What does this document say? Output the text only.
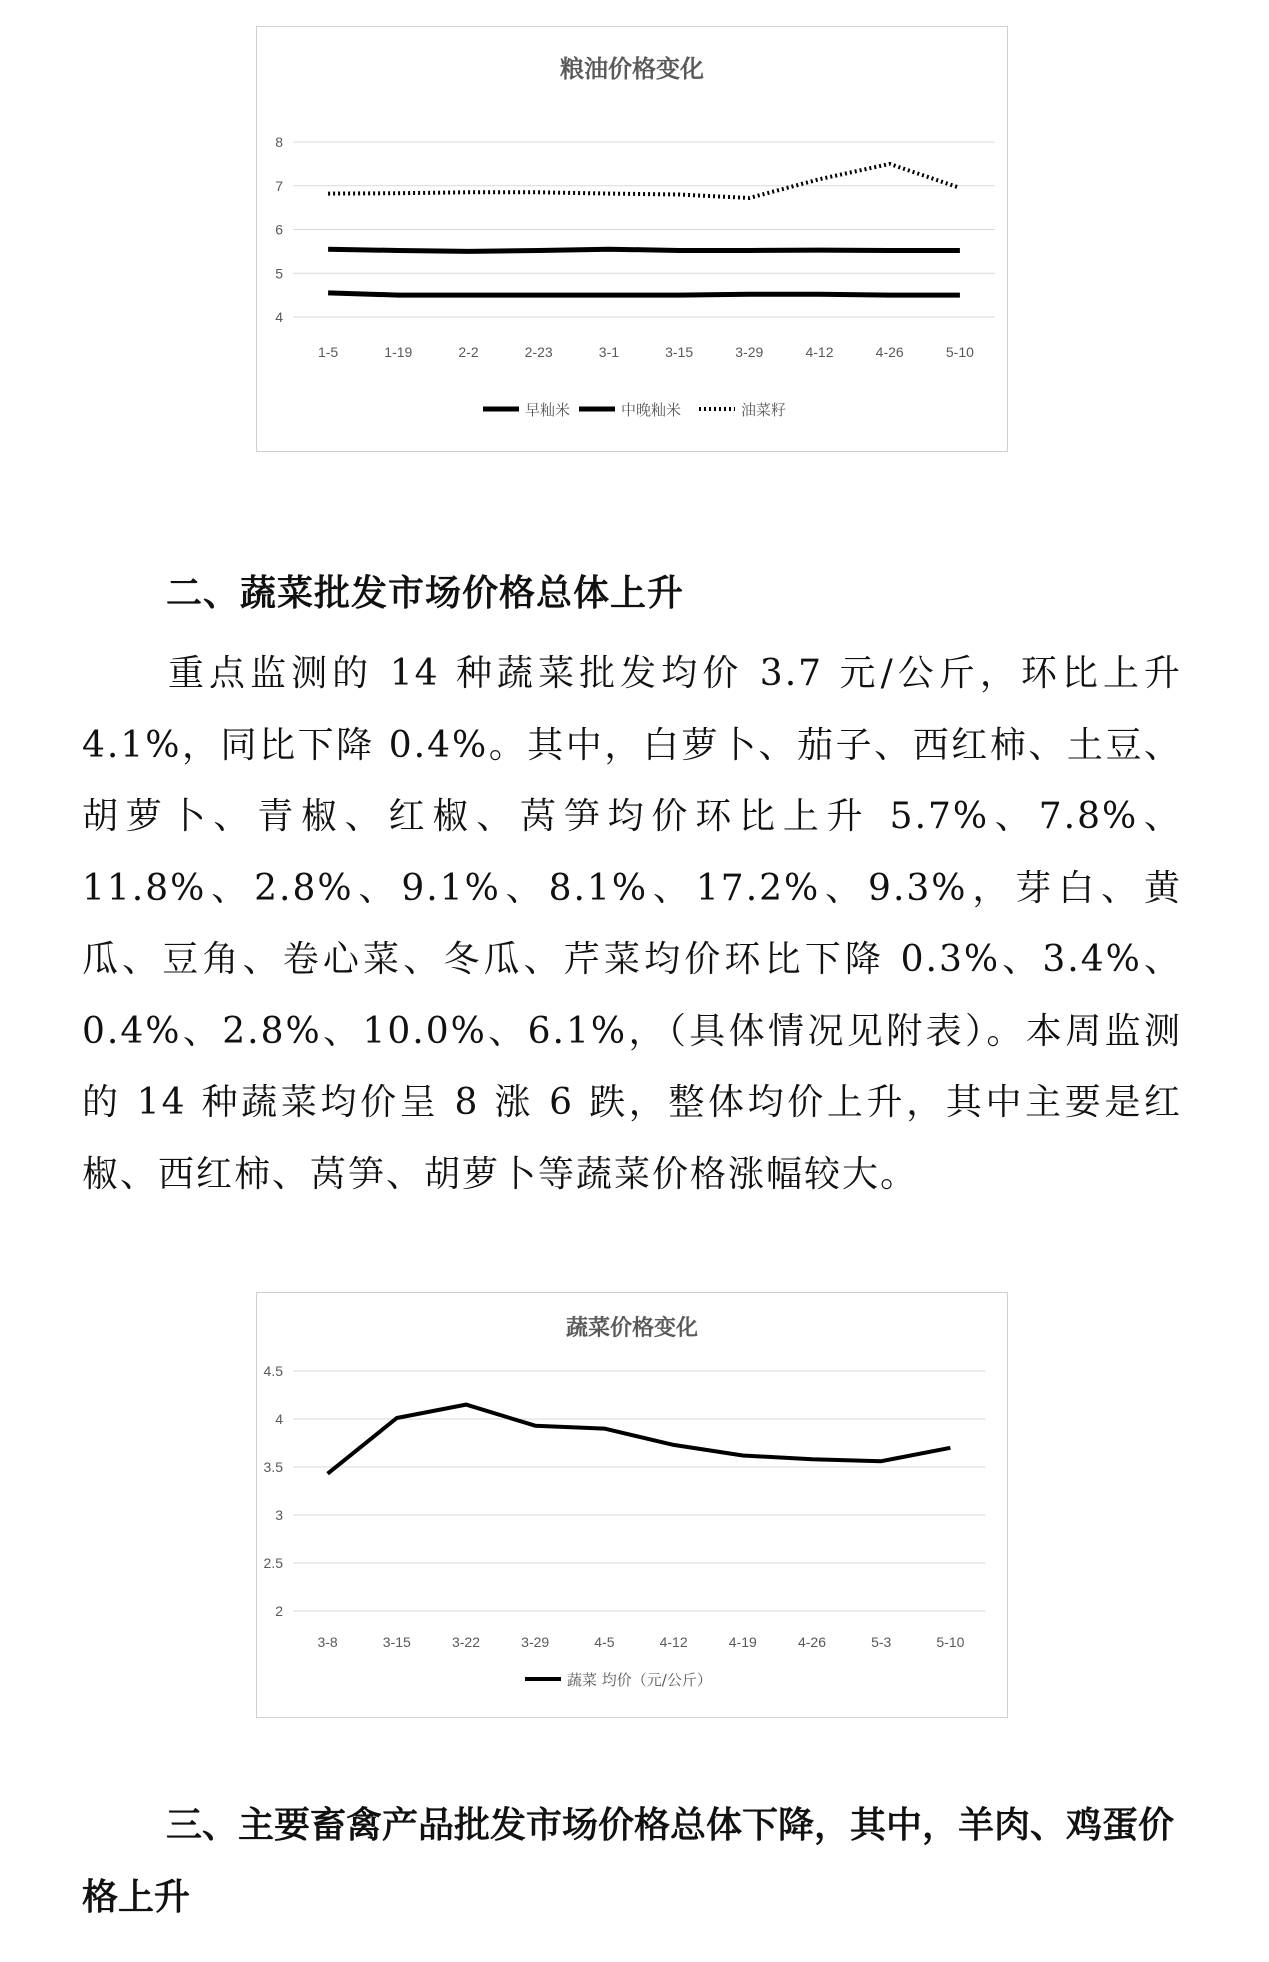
粮油价格变化
4
5
6
7
8
1-5	1-19	2-2	2-23	3-1	3-15	3-29	4-12	4-26	5-10
早籼米	中晚籼米	油菜籽
二、蔬菜批发市场价格总体上升

重点监测的 14 种蔬菜批发均价 3.7 元/公斤，环比上升 4.1%，同比下降 0.4%。其中，白萝卜、茄子、西红柿、土豆、胡萝卜、青椒、红椒、莴笋均价环比上升 5.7%、7.8%、11.8%、2.8%、9.1%、8.1%、17.2%、9.3%，芽白、黄瓜、豆角、卷心菜、冬瓜、芹菜均价环比下降 0.3%、3.4%、0.4%、2.8%、10.0%、6.1%，（具体情况见附表）。本周监测的 14 种蔬菜均价呈 8 涨 6 跌，整体均价上升，其中主要是红椒、西红柿、莴笋、胡萝卜等蔬菜价格涨幅较大。

蔬菜价格变化
2
2.5
3
3.5
4
4.5
3-8	3-15	3-22	3-29	4-5	4-12	4-19	4-26	5-3	5-10
蔬菜 均价（元/公斤）
三、主要畜禽产品批发市场价格总体下降，其中，羊肉、鸡蛋价格上升
